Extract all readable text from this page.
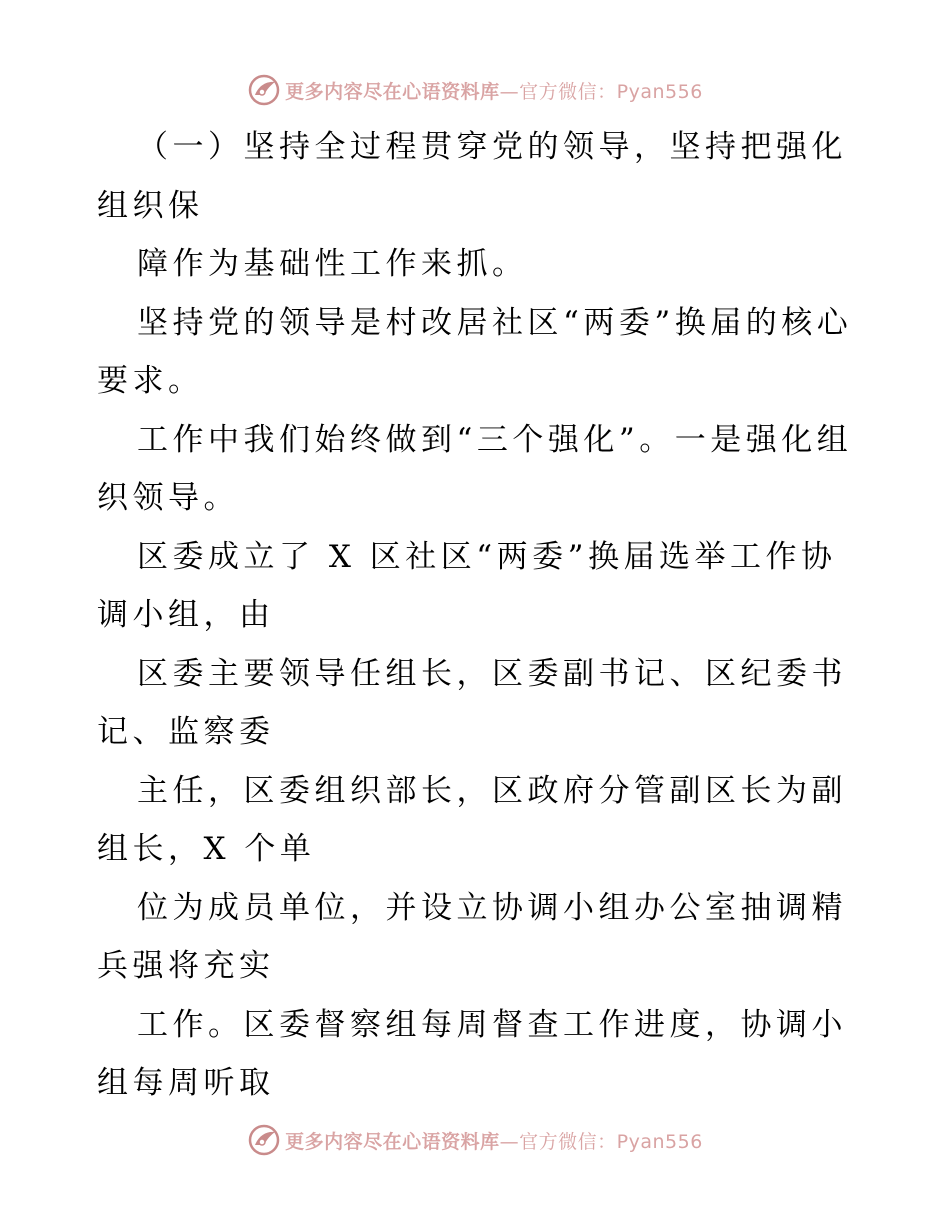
更多内容尽在心语资料库—官方微信：Pyan556

（一）坚持全过程贯穿党的领导，坚持把强化组织保

障作为基础性工作来抓。

坚持党的领导是村改居社区“两委”换届的核心要求。

工作中我们始终做到“三个强化”。一是强化组织领导。

区委成立了 X 区社区“两委”换届选举工作协调小组，由

区委主要领导任组长，区委副书记、区纪委书记、监察委

主任，区委组织部长，区政府分管副区长为副组长，X 个单

位为成员单位，并设立协调小组办公室抽调精兵强将充实

工作。区委督察组每周督查工作进度，协调小组每周听取

更多内容尽在心语资料库—官方微信：Pyan556
